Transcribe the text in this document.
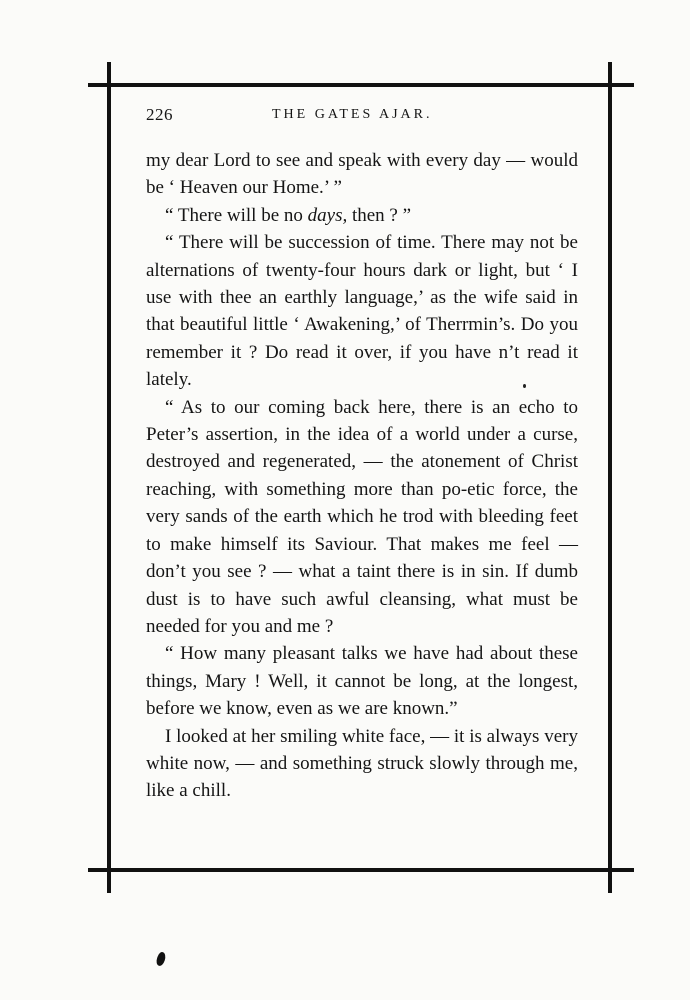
226	THE GATES AJAR.

my dear Lord to see and speak with every day — would be ‘ Heaven our Home.’ ”

“ There will be no days, then ? ”

“ There will be succession of time. There may not be alternations of twenty-four hours dark or light, but ‘ I use with thee an earthly language,’ as the wife said in that beautiful little ‘ Awakening,’ of Therrmin’s. Do you remember it ? Do read it over, if you have n’t read it lately.

“ As to our coming back here, there is an echo to Peter’s assertion, in the idea of a world under a curse, destroyed and regenerated, — the atonement of Christ reaching, with something more than po-etic force, the very sands of the earth which he trod with bleeding feet to make himself its Saviour. That makes me feel — don’t you see ? — what a taint there is in sin. If dumb dust is to have such awful cleansing, what must be needed for you and me ?

“ How many pleasant talks we have had about these things, Mary ! Well, it cannot be long, at the longest, before we know, even as we are known.”

I looked at her smiling white face, — it is always very white now, — and something struck slowly through me, like a chill.
